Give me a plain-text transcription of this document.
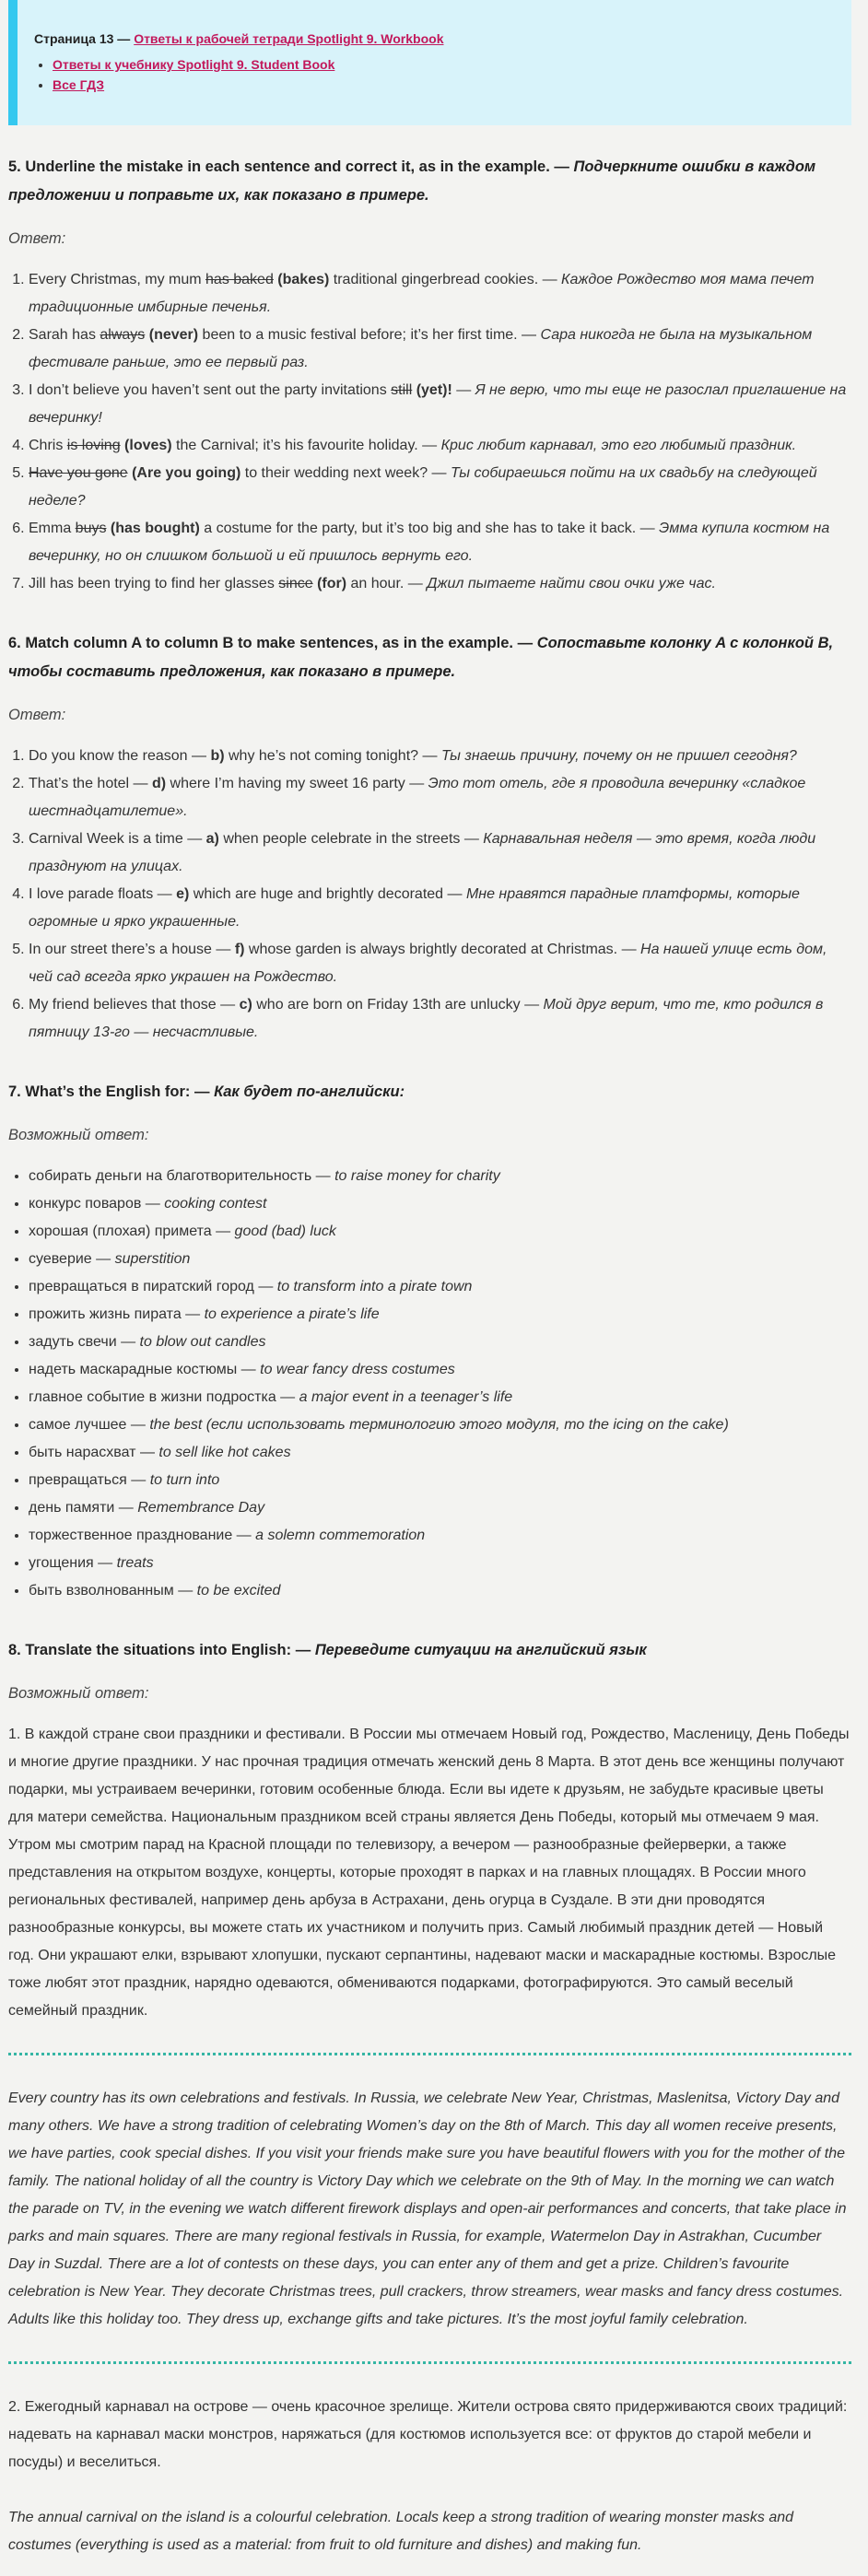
Страница 13 — Ответы к рабочей тетради Spotlight 9. Workbook
• Ответы к учебнику Spotlight 9. Student Book
• Все ГДЗ
5. Underline the mistake in each sentence and correct it, as in the example. — Подчеркните ошибки в каждом предложении и поправьте их, как показано в примере.
Ответ:
1. Every Christmas, my mum has baked (bakes) traditional gingerbread cookies. — Каждое Рождество моя мама печет традиционные имбирные печенья.
2. Sarah has always (never) been to a music festival before; it’s her first time. — Сара никогда не была на музыкальном фестивале раньше, это ее первый раз.
3. I don’t believe you haven’t sent out the party invitations still (yet)! — Я не верю, что ты еще не разослал приглашение на вечеринку!
4. Chris is loving (loves) the Carnival; it’s his favourite holiday. — Крис любит карнавал, это его любимый праздник.
5. Have you gone (Are you going) to their wedding next week? — Ты собираешься пойти на их свадьбу на следующей неделе?
6. Emma buys (has bought) a costume for the party, but it’s too big and she has to take it back. — Эмма купила костюм на вечеринку, но он слишком большой и ей пришлось вернуть его.
7. Jill has been trying to find her glasses since (for) an hour. — Джил пытаете найти свои очки уже час.
6. Match column A to column B to make sentences, as in the example. — Сопоставьте колонку A с колонкой B, чтобы составить предложения, как показано в примере.
Ответ:
1. Do you know the reason — b) why he’s not coming tonight? — Ты знаешь причину, почему он не пришел сегодня?
2. That’s the hotel — d) where I’m having my sweet 16 party — Это тот отель, где я проводила вечеринку «сладкое шестнадцатилетие».
3. Carnival Week is a time — a) when people celebrate in the streets — Карнавальная неделя — это время, когда люди празднуют на улицах.
4. I love parade floats — e) which are huge and brightly decorated — Мне нравятся парадные платформы, которые огромные и ярко украшенные.
5. In our street there’s a house — f) whose garden is always brightly decorated at Christmas. — На нашей улице есть дом, чей сад всегда ярко украшен на Рождество.
6. My friend believes that those — c) who are born on Friday 13th are unlucky — Мой друг верит, что те, кто родился в пятницу 13-го — несчастливые.
7. What’s the English for: — Как будет по-английски:
Возможный ответ:
• собирать деньги на благотворительность — to raise money for charity
• конкурс поваров — cooking contest
• хорошая (плохая) примета — good (bad) luck
• суеверие — superstition
• превращаться в пиратский город — to transform into a pirate town
• прожить жизнь пирата — to experience a pirate’s life
• задуть свечи — to blow out candles
• надеть маскарадные костюмы — to wear fancy dress costumes
• главное событие в жизни подростка — a major event in a teenager’s life
• самое лучшее — the best (если использовать терминологию этого модуля, то the icing on the cake)
• быть нарасхват — to sell like hot cakes
• превращаться — to turn into
• день памяти — Remembrance Day
• торжественное празднование — a solemn commemoration
• угощения — treats
• быть взволнованным — to be excited
8. Translate the situations into English: — Переведите ситуации на английский язык
Возможный ответ:

1. В каждой стране свои праздники и фестивали. В России мы отмечаем Новый год, Рождество, Масленицу, День Победы и многие другие праздники. У нас прочная традиция отмечать женский день 8 Марта. В этот день все женщины получают подарки, мы устраиваем вечеринки, готовим особенные блюда. Если вы идете к друзьям, не забудьте красивые цветы для матери семейства. Национальным праздником всей страны является День Победы, который мы отмечаем 9 мая. Утром мы смотрим парад на Красной площади по телевизору, а вечером — разнообразные фейерверки, а также представления на открытом воздухе, концерты, которые проходят в парках и на главных площадях. В России много региональных фестивалей, например день арбуза в Астрахани, день огурца в Суздале. В эти дни проводятся разнообразные конкурсы, вы можете стать их участником и получить приз. Самый любимый праздник детей — Новый год. Они украшают елки, взрывают хлопушки, пускают серпантины, надевают маски и маскарадные костюмы. Взрослые тоже любят этот праздник, нарядно одеваются, обмениваются подарками, фотографируются. Это самый веселый семейный праздник.

Every country has its own celebrations and festivals. In Russia, we celebrate New Year, Christmas, Maslenitsa, Victory Day and many others. We have a strong tradition of celebrating Women’s day on the 8th of March. This day all women receive presents, we have parties, cook special dishes. If you visit your friends make sure you have beautiful flowers with you for the mother of the family. The national holiday of all the country is Victory Day which we celebrate on the 9th of May. In the morning we can watch the parade on TV, in the evening we watch different firework displays and open-air performances and concerts, that take place in parks and main squares. There are many regional festivals in Russia, for example, Watermelon Day in Astrakhan, Cucumber Day in Suzdal. There are a lot of contests on these days, you can enter any of them and get a prize. Children’s favourite celebration is New Year. They decorate Christmas trees, pull crackers, throw streamers, wear masks and fancy dress costumes. Adults like this holiday too. They dress up, exchange gifts and take pictures. It’s the most joyful family celebration.

2. Ежегодный карнавал на острове — очень красочное зрелище. Жители острова свято придерживаются своих традиций: надевать на карнавал маски монстров, наряжаться (для костюмов используется все: от фруктов до старой мебели и посуды) и веселиться.

The annual carnival on the island is a colourful celebration. Locals keep a strong tradition of wearing monster masks and costumes (everything is used as a material: from fruit to old furniture and dishes) and making fun.
